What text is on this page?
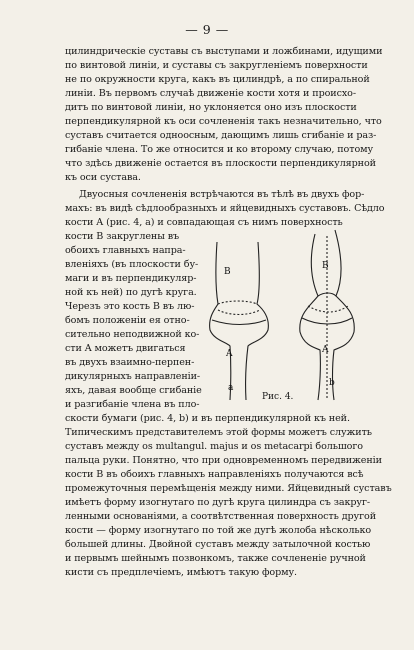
— 9 —
цилиндрическіе суставы съ выступами и ложбинами, идущими
по винтовой линіи, и суставы съ закругленіемъ поверхности
не по окружности круга, какъ въ цилиндрѣ, а по спиральной
линіи. Въ первомъ случаѣ движеніе кости хотя и происхо-
дитъ по винтовой линіи, но уклоняется оно изъ плоскости
перпендикулярной къ оси сочлененія такъ незначительно, что
суставъ считается одноосным, дающимъ лишь сгибаніе и раз-
гибаніе члена. То же относится и ко второму случаю, потому
что здѣсь движеніе остается въ плоскости перпендикулярной
къ оси сустава.
Двуосныя сочлененія встрѣчаются въ тѣлѣ въ двухъ фор-
махъ: въ видѣ сѣдлообразныхъ и яйцевидныхъ суставовъ. Сѣдло
кости A (рис. 4, a) и совпадающая съ нимъ поверхность
кости B закруглены въ
обоихъ главныхъ напра-
вленіяхъ (въ плоскости бу-
маги и въ перпендикуляр-
ной къ ней) по дугѣ круга.
Черезъ это кость B въ лю-
бомъ положеніи ея отно-
сительно неподвижной ко-
сти A можетъ двигаться
въ двухъ взаимно-перпен-
дикулярныхъ направленіи-
яхъ, давая вообще сгибаніе
и разгибаніе члена въ пло-
скости бумаги (рис. 4, b) и въ перпендикулярной къ ней.
Типическимъ представителемъ этой формы можетъ служить
суставъ между os multangul. majus и os metacarpi большого
пальца руки. Понятно, что при одновременномъ передвиженіи
кости B въ обоихъ главныхъ направленіяхъ получаются всѣ
промежуточныя перемѣщенія между ними. Яйцевидный суставъ
имѣетъ форму изогнутаго по дугѣ круга цилиндра съ закруг-
ленными основаніями, а соотвѣтственная поверхность другой
кости — форму изогнутаго по той же дугѣ жолоба нѣсколько
большей длины. Двойной суставъ между затылочной костью
и первымъ шейнымъ позвонкомъ, также сочлененіе ручной
кисти съ предплечіемъ, имѣютъ такую форму.
B
A
a
B
A
b
Рис. 4.
